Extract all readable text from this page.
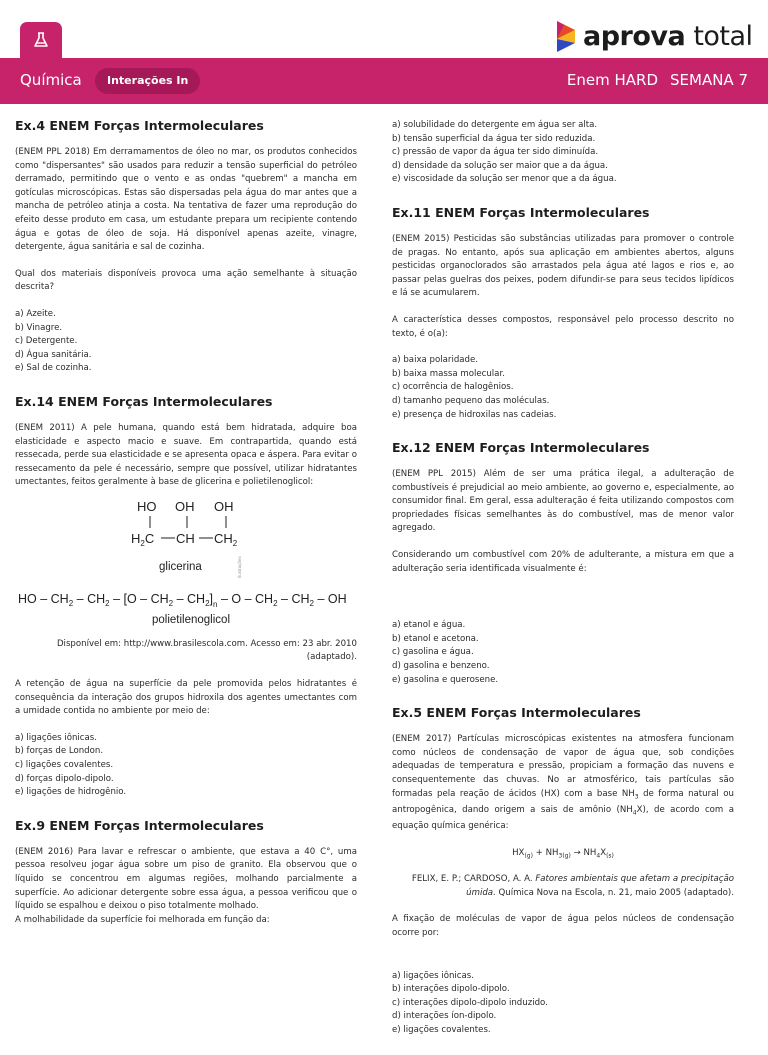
aprova total
Química	Interações In	Enem HARD SEMANA 7
Ex.4 ENEM Forças Intermoleculares
(ENEM PPL 2018) Em derramamentos de óleo no mar, os produtos conhecidos como "dispersantes" são usados para reduzir a tensão superficial do petróleo derramado, permitindo que o vento e as ondas "quebrem" a mancha em gotículas microscópicas. Estas são dispersadas pela água do mar antes que a mancha de petróleo atinja a costa. Na tentativa de fazer uma reprodução do efeito desse produto em casa, um estudante prepara um recipiente contendo água e gotas de óleo de soja. Há disponível apenas azeite, vinagre, detergente, água sanitária e sal de cozinha.
Qual dos materiais disponíveis provoca uma ação semelhante à situação descrita?
a) Azeite.
b) Vinagre.
c) Detergente.
d) Água sanitária.
e) Sal de cozinha.
Ex.14 ENEM Forças Intermoleculares
(ENEM 2011) A pele humana, quando está bem hidratada, adquire boa elasticidade e aspecto macio e suave. Em contrapartida, quando está ressecada, perde sua elasticidade e se apresenta opaca e áspera. Para evitar o ressecamento da pele é necessário, sempre que possível, utilizar hidratantes umectantes, feitos geralmente à base de glicerina e polietilenoglicol:
HO OH OH
$H_2C$ CH $CH_2$
glicerina	Ilustrações
HO – $CH_2 - CH_2 - [O - CH_2 - CH_2]_n$ – O – $CH_2 - CH_2$ – OH
polietilenoglicol
Disponível em: http://www.brasilescola.com. Acesso em: 23 abr. 2010 (adaptado).
A retenção de água na superfície da pele promovida pelos hidratantes é consequência da interação dos grupos hidroxila dos agentes umectantes com a umidade contida no ambiente por meio de:
a) ligações iônicas.
b) forças de London.
c) ligações covalentes.
d) forças dipolo-dipolo.
e) ligações de hidrogênio.
Ex.9 ENEM Forças Intermoleculares
(ENEM 2016) Para lavar e refrescar o ambiente, que estava a 40 C°, uma pessoa resolveu jogar água sobre um piso de granito. Ela observou que o líquido se concentrou em algumas regiões, molhando parcialmente a superfície. Ao adicionar detergente sobre essa água, a pessoa verificou que o líquido se espalhou e deixou o piso totalmente molhado.
A molhabilidade da superfície foi melhorada em função da:
a) solubilidade do detergente em água ser alta.
b) tensão superficial da água ter sido reduzida.
c) pressão de vapor da água ter sido diminuída.
d) densidade da solução ser maior que a da água.
e) viscosidade da solução ser menor que a da água.
Ex.11 ENEM Forças Intermoleculares
(ENEM 2015) Pesticidas são substâncias utilizadas para promover o controle de pragas. No entanto, após sua aplicação em ambientes abertos, alguns pesticidas organoclorados são arrastados pela água até lagos e rios e, ao passar pelas guelras dos peixes, podem difundir-se para seus tecidos lipídicos e lá se acumularem.
A característica desses compostos, responsável pelo processo descrito no texto, é o(a):
a) baixa polaridade.
b) baixa massa molecular.
c) ocorrência de halogênios.
d) tamanho pequeno das moléculas.
e) presença de hidroxilas nas cadeias.
Ex.12 ENEM Forças Intermoleculares
(ENEM PPL 2015) Além de ser uma prática ilegal, a adulteração de combustíveis é prejudicial ao meio ambiente, ao governo e, especialmente, ao consumidor final. Em geral, essa adulteração é feita utilizando compostos com propriedades físicas semelhantes às do combustível, mas de menor valor agregado.
Considerando um combustível com 20% de adulterante, a mistura em que a adulteração seria identificada visualmente é:
a) etanol e água.
b) etanol e acetona.
c) gasolina e água.
d) gasolina e benzeno.
e) gasolina e querosene.
Ex.5 ENEM Forças Intermoleculares
(ENEM 2017) Partículas microscópicas existentes na atmosfera funcionam como núcleos de condensação de vapor de água que, sob condições adequadas de temperatura e pressão, propiciam a formação das nuvens e consequentemente das chuvas. No ar atmosférico, tais partículas são formadas pela reação de ácidos (HX) com a base $NH_3$ de forma natural ou antropogênica, dando origem a sais de amônio $(NH_4X)$, de acordo com a equação química genérica:
$HX_{(g)} + NH_{3(g)} \to NH_4X_{(s)}$
FELIX, E. P.; CARDOSO, A. A. Fatores ambientais que afetam a precipitação úmida. Química Nova na Escola, n. 21, maio 2005 (adaptado).
A fixação de moléculas de vapor de água pelos núcleos de condensação ocorre por:
a) ligações iônicas.
b) interações dipolo-dipolo.
c) interações dipolo-dipolo induzido.
d) interações íon-dipolo.
e) ligações covalentes.
